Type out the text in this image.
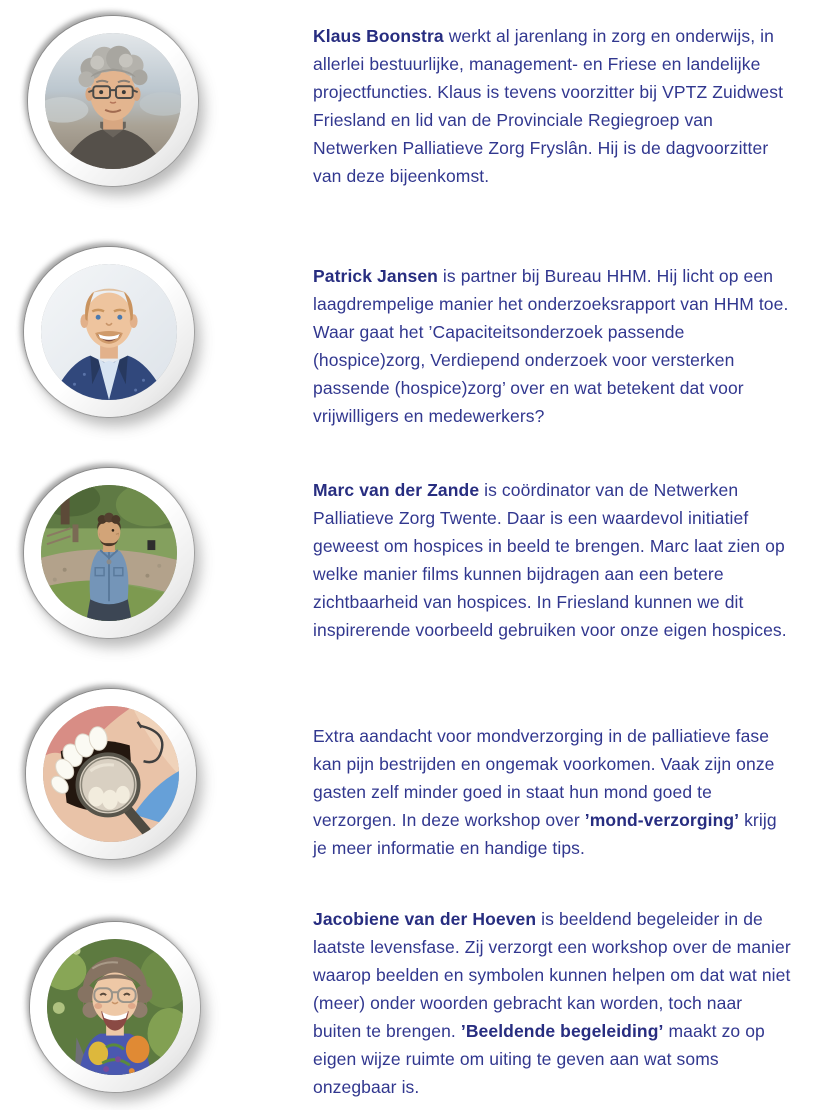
Klaus Boonstra werkt al jarenlang in zorg en onderwijs, in allerlei bestuurlijke, management- en Friese en landelijke projectfuncties. Klaus is tevens voorzitter bij VPTZ Zuidwest Friesland en lid van de Provinciale Regiegroep van Netwerken Palliatieve Zorg Fryslân. Hij is de dagvoorzitter van deze bijeenkomst.

Patrick Jansen is partner bij Bureau HHM. Hij licht op een laagdrempelige manier het onderzoeksrapport van HHM toe. Waar gaat het ’Capaciteitsonderzoek passende (hospice)zorg, Verdiepend onderzoek voor versterken passende (hospice)zorg’ over en wat betekent dat voor vrijwilligers en medewerkers?

Marc van der Zande is coördinator van de Netwerken Palliatieve Zorg Twente. Daar is een waardevol initiatief geweest om hospices in beeld te brengen. Marc laat zien op welke manier films kunnen bijdragen aan een betere zichtbaarheid van hospices. In Friesland kunnen we dit inspirerende voorbeeld gebruiken voor onze eigen hospices.

Extra aandacht voor mondverzorging in de palliatieve fase kan pijn bestrijden en ongemak voorkomen. Vaak zijn onze gasten zelf minder goed in staat hun mond goed te verzorgen. In deze workshop over ’mond-verzorging’ krijg je meer informatie en handige tips.

Jacobiene van der Hoeven is beeldend begeleider in de laatste levensfase. Zij verzorgt een workshop over de manier waarop beelden en symbolen kunnen helpen om dat wat niet (meer) onder woorden gebracht kan worden, toch naar buiten te brengen. ’Beeldende begeleiding’ maakt zo op eigen wijze ruimte om uiting te geven aan wat soms onzegbaar is.
